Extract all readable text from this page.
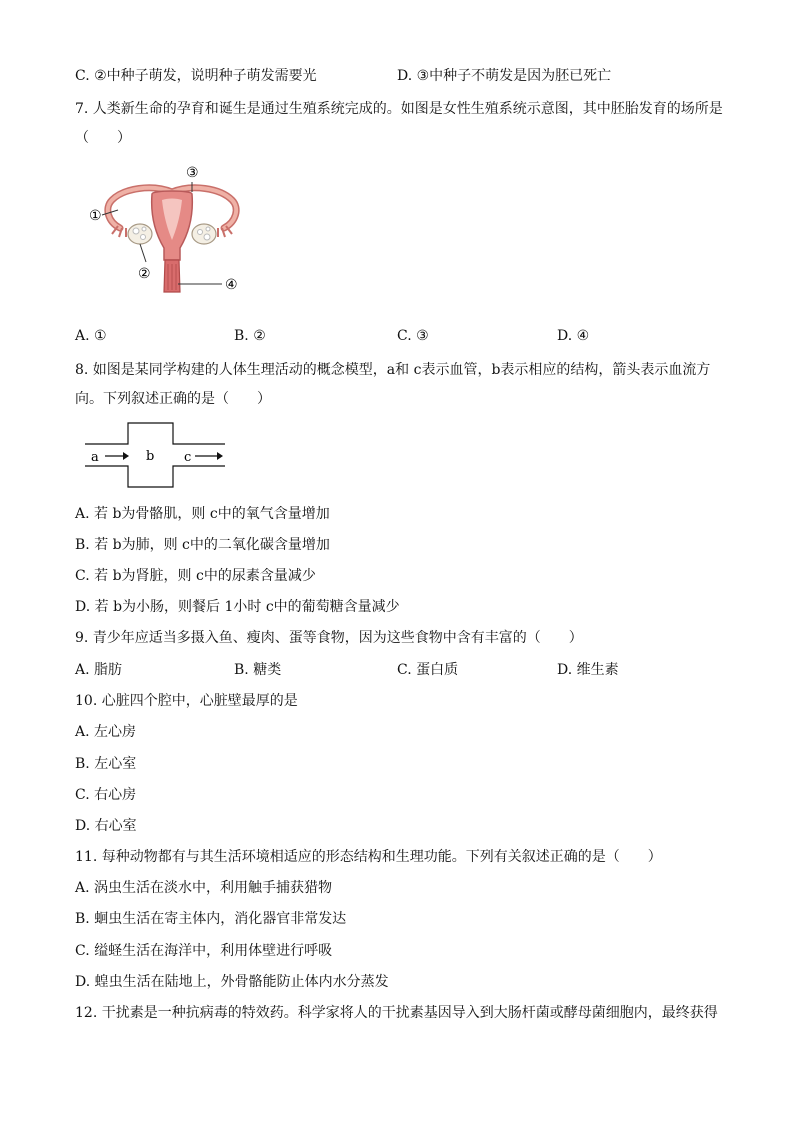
C. ②中种子萌发，说明种子萌发需要光	D. ③中种子不萌发是因为胚已死亡
7. 人类新生命的孕育和诞生是通过生殖系统完成的。如图是女性生殖系统示意图，其中胚胎发育的场所是
（　　）
①
③
②
④
A. ①	B. ②	C. ③	D. ④
8. 如图是某同学构建的人体生理活动的概念模型，a和 c表示血管，b表示相应的结构，箭头表示血流方
向。下列叙述正确的是（　　）
a	b c
A. 若 b为骨骼肌，则 c中的氧气含量增加
B. 若 b为肺，则 c中的二氧化碳含量增加
C. 若 b为肾脏，则 c中的尿素含量减少
D. 若 b为小肠，则餐后 1小时 c中的葡萄糖含量减少
9. 青少年应适当多摄入鱼、瘦肉、蛋等食物，因为这些食物中含有丰富的（　　）
A. 脂肪	B. 糖类	C. 蛋白质	D. 维生素
10. 心脏四个腔中，心脏壁最厚的是
A. 左心房
B. 左心室
C. 右心房
D. 右心室
11. 每种动物都有与其生活环境相适应的形态结构和生理功能。下列有关叙述正确的是（　　）
A. 涡虫生活在淡水中，利用触手捕获猎物
B. 蛔虫生活在寄主体内，消化器官非常发达
C. 缢蛏生活在海洋中，利用体壁进行呼吸
D. 蝗虫生活在陆地上，外骨骼能防止体内水分蒸发
12. 干扰素是一种抗病毒的特效药。科学家将人的干扰素基因导入到大肠杆菌或酵母菌细胞内，最终获得
